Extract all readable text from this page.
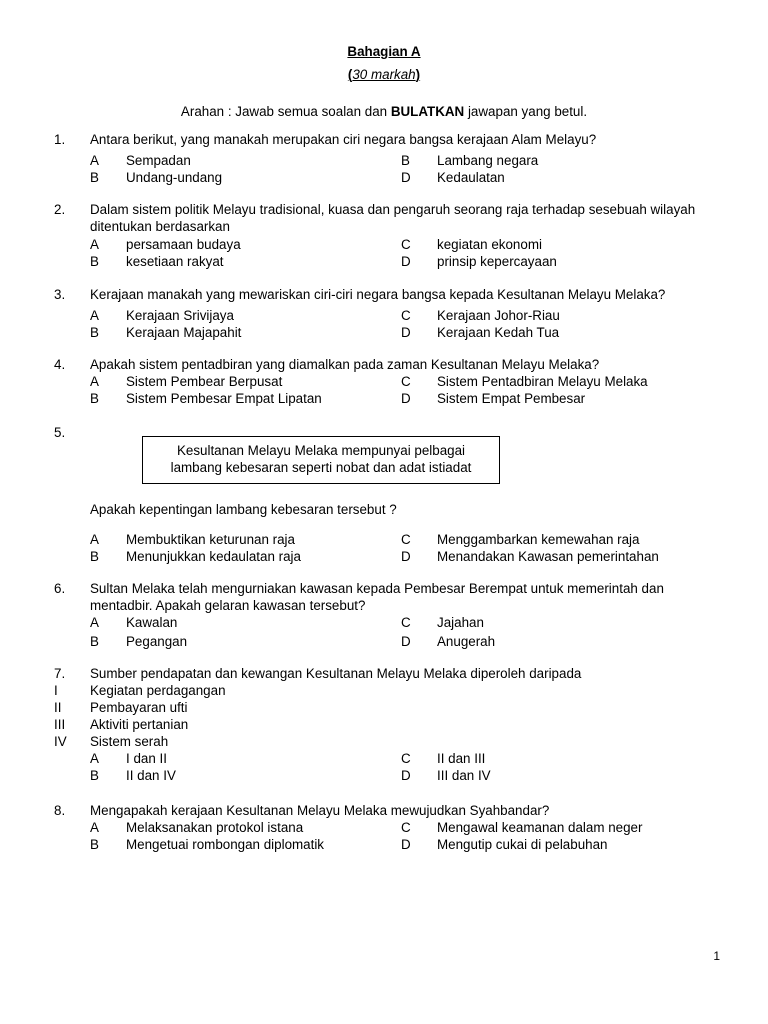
Bahagian A
(30 markah)
Arahan : Jawab semua soalan dan BULATKAN jawapan yang betul.
1.	Antara berikut, yang manakah merupakan ciri negara bangsa kerajaan Alam Melayu?
A	Sempadan	B	Lambang negara
B	Undang-undang	D	Kedaulatan
2.	Dalam sistem politik Melayu tradisional, kuasa dan pengaruh seorang raja terhadap sesebuah wilayah ditentukan berdasarkan
A	persamaan budaya	C	kegiatan ekonomi
B	kesetiaan rakyat	D	prinsip kepercayaan
3.	Kerajaan manakah yang mewariskan ciri-ciri negara bangsa kepada Kesultanan Melayu Melaka?
A	Kerajaan Srivijaya	C	Kerajaan Johor-Riau
B	Kerajaan Majapahit	D	Kerajaan Kedah Tua
4.	Apakah sistem pentadbiran yang diamalkan pada zaman Kesultanan Melayu Melaka?
A	Sistem Pembear Berpusat	C	Sistem Pentadbiran Melayu Melaka
B	Sistem Pembesar Empat Lipatan	D	Sistem Empat Pembesar
5.
Kesultanan Melayu Melaka mempunyai pelbagai
lambang kebesaran seperti nobat dan adat istiadat
Apakah kepentingan lambang kebesaran tersebut ?
A	Membuktikan keturunan raja	C	Menggambarkan kemewahan raja
B	Menunjukkan kedaulatan raja	D	Menandakan Kawasan pemerintahan
6.	Sultan Melaka telah mengurniakan kawasan kepada Pembesar Berempat untuk memerintah dan mentadbir. Apakah gelaran kawasan tersebut?
A	Kawalan	C	Jajahan
B	Pegangan	D	Anugerah
7.	Sumber pendapatan dan kewangan Kesultanan Melayu Melaka diperoleh daripada
I	Kegiatan perdagangan
II	Pembayaran ufti
III	Aktiviti pertanian
IV	Sistem serah
A	I dan II	C	II dan III
B	II dan IV	D	III dan IV
8.	Mengapakah kerajaan Kesultanan Melayu Melaka mewujudkan Syahbandar?
A	Melaksanakan protokol istana	C	Mengawal keamanan dalam neger
B	Mengetuai rombongan diplomatik	D	Mengutip cukai di pelabuhan
1
